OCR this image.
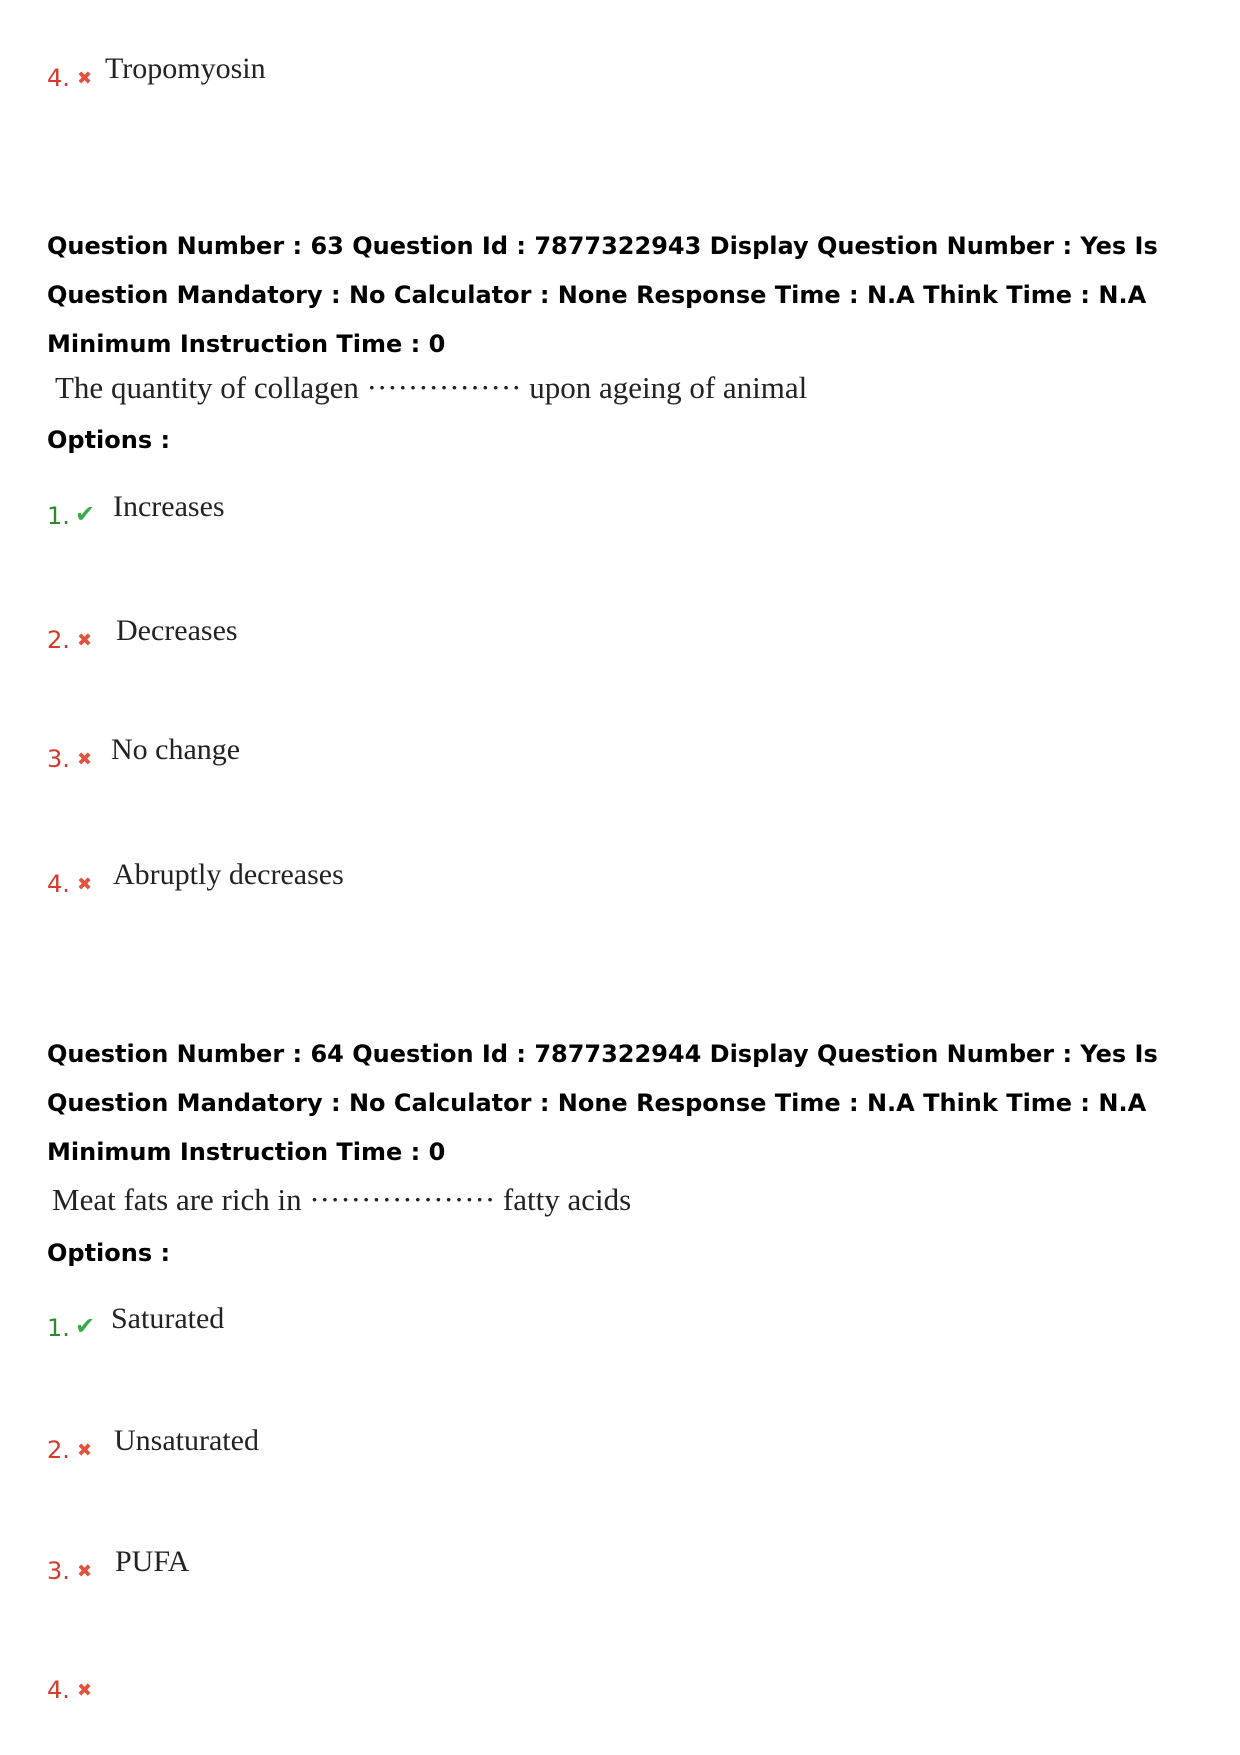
4. ✖ Tropomyosin

Question Number : 63 Question Id : 7877322943 Display Question Number : Yes Is Question Mandatory : No Calculator : None Response Time : N.A Think Time : N.A Minimum Instruction Time : 0

The quantity of collagen ··············· upon ageing of animal
Options :
1. ✔ Increases
2. ✖ Decreases
3. ✖ No change
4. ✖ Abruptly decreases

Question Number : 64 Question Id : 7877322944 Display Question Number : Yes Is Question Mandatory : No Calculator : None Response Time : N.A Think Time : N.A Minimum Instruction Time : 0

Meat fats are rich in ·················· fatty acids
Options :
1. ✔ Saturated
2. ✖ Unsaturated
3. ✖ PUFA
4. ✖
